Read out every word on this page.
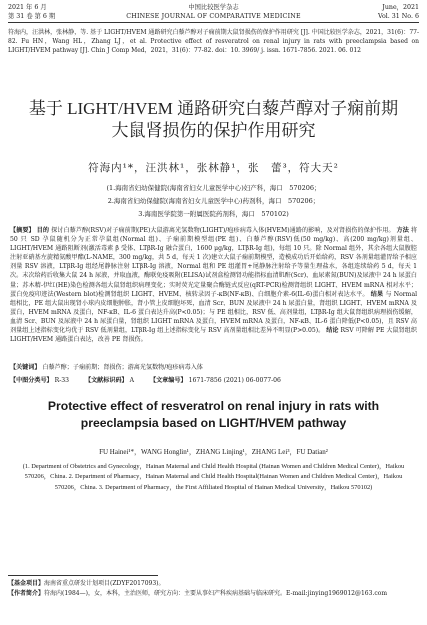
2021 年 6 月	中国比较医学杂志	June，2021
第 31 卷 第 6 期	CHINESE JOURNAL OF COMPARATIVE MEDICINE	Vol. 31 No. 6
符海内，汪洪林，张林静，等. 基于 LIGHT/HVEM 通路研究白藜芦醇对子痫前期大鼠肾损伤的保护作用研究 [J]. 中国比较医学杂志，2021，31(6)：77-82. Fu HN，Wang HL，Zhang LJ，et al. Protective effect of resveratrol on renal injury in rats with preeclampsia based on LIGHT/HVEM pathway [J]. Chin J Comp Med，2021，31(6)：77-82. doi：10. 3969/ j. issn. 1671-7856. 2021. 06. 012
基于 LIGHT/HVEM 通路研究白藜芦醇对子痫前期
大鼠肾损伤的保护作用研究
符海内¹*，汪洪林¹，张林静¹，张　蕾³，符大天²
(1.海南省妇幼保健院(海南省妇女儿童医学中心)妇产科，海口　570206；
2.海南省妇幼保健院(海南省妇女儿童医学中心)药剂科，海口　570206；
3.海南医学院第一附属医院药剂科，海口　570102)
【摘要】 目的 探讨白藜芦醇(RSV)对子痫前期(PE)大鼠游离光氢数物(LIGHT)/疱疹病毒入体(HVEM)通路的影响，及对肾损伤的保护作用。 方法 将 50 只 SD 孕鼠随机分为正常孕鼠组(Normal 组)、子痫前期模型组(PE 组)、白藜芦醇(RSV)低(50 mg/kg)、高(200 mg/kg)剂量组、LIGHT/HVEM 通路阻断剂(激活毒素 β 受体、LTβR-Ig 融合蛋白，1600 μg/kg，LTβR-Ig 组)，每组 10 只。除 Normal 组外，其余各组大鼠腹腔注射亚硝基左旋精氨酸甲酯(L-NAME，300 mg/kg，共 5 d，每天 1 次)建立大鼠子痫前期模型，造模成功后开始给药，RSV 各剂量组灌胃给予相应剂量 RSV 溶液，LTβR-Ig 组经尾静脉注射 LTβR-Ig 溶液，Normal 组和 PE 组灌胃+尾静脉注射给予等量生理盐水，各组连续给药 5 d，每天 1 次。末次给药后收集大鼠 24 h 尿液，并取血液，酶联免疫吸附(ELISA)试剂盒检测肾功能指标血清肌酐(Scr)、血尿素氮(BUN)及尿液中 24 h 尿蛋白量；苏木精-伊红(HE)染色检测各组大鼠肾组织病理变化；实时荧光定量聚合酶链式反应(qRT-PCR)检测肾组织 LIGHT、HVEM mRNA 相对水平；蛋白免疫印迹法(Western blot)检测肾组织 LIGHT、HVEM、核转录因子-κB(NF-κB)、白细胞介素-6(IL-6)蛋白相对表达水平。 结果 与 Normal 组相比，PE 组大鼠出现肾小球内皮细胞肿胀，肾小管上皮细胞坏死，血清 Scr、BUN 及尿液中 24 h 尿蛋白量，肾组织 LIGHT、HVEM mRNA 及蛋白，HVEM mRNA 及蛋白，NF-κB、IL-6 蛋白表达升高(P<0.05)；与 PE 组相比，RSV 低、高剂量组，LTβR-Ig 组大鼠肾组织病理损伤缓解，血清 Scr、BUN 及尿液中 24 h 尿蛋白量，肾组织 LIGHT mRNA 及蛋白，HVEM mRNA 及蛋白，NF-κB、IL-6 蛋白降低(P<0.05)，且 RSV 高剂量组上述指标变化均优于 RSV 低剂量组，LTβR-Ig 组上述指标变化与 RSV 高剂量组相比差异不明显(P>0.05)。 结论 RSV 可降解 PE 大鼠肾组织 LIGHT/HVEM 通路蛋白表达，改善 PE 肾损伤。
【关键词】 白藜芦醇；子痫前期；肾损伤；游离光氢数物/疱疹病毒入体
【中图分类号】 R-33	【文献标识码】 A	【文章编号】 1671-7856 (2021) 06-0077-06
Protective effect of resveratrol on renal injury in rats with
preeclampsia based on LIGHT/HVEM pathway
FU Hainei¹*，WANG Honglin¹，ZHANG Linjing¹，ZHANG Lei³，FU Datian²
(1. Department of Obstetrics and Gynecology，Hainan Maternal and Child Health Hospital (Hainan Women and Children Medical Center)，Haikou 570206，China. 2. Department of Pharmacy，Hainan Maternal and Child Health Hospital(Hainan Women and Children Medical Center)，Haikou 570206，China. 3. Department of Pharmacy，the First Affiliated Hospital of Hainan Medical University，Haikou 570102)
【基金项目】海南省重点研发计划项目(ZDYF2017093)。
【作者简介】符海内(1984—)，女，本科，主治医师，研究方向：主要从事妇产科疾病基础与临床研究。E-mail:jinying1969012@163.com
